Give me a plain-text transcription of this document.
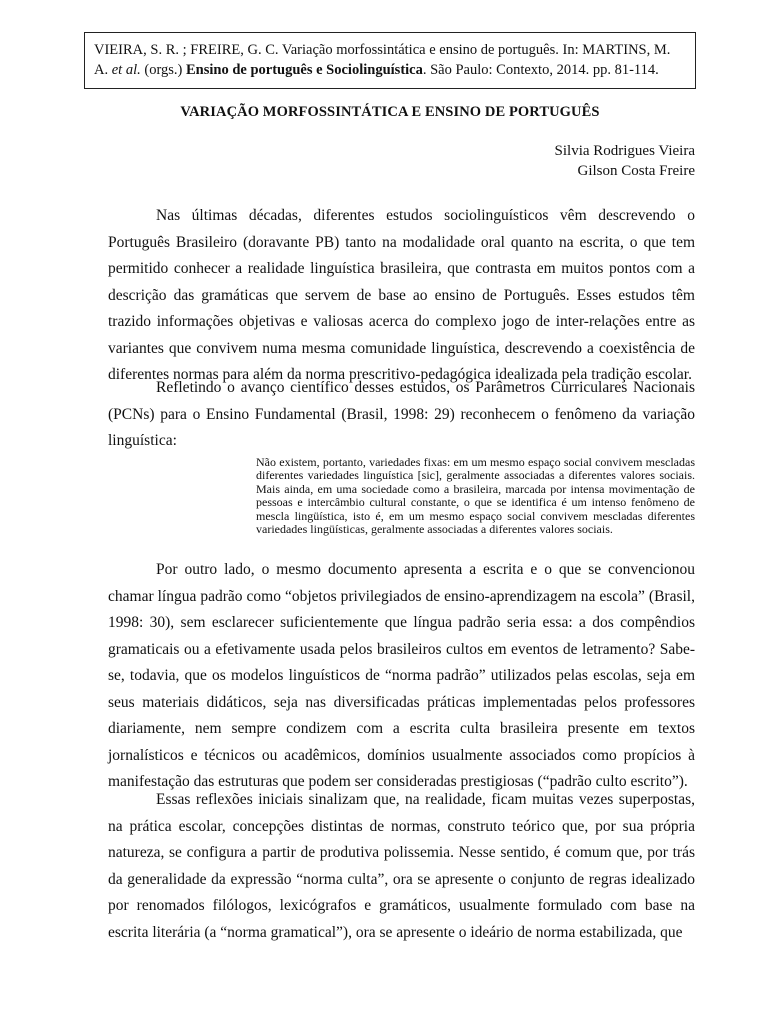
VIEIRA, S. R. ; FREIRE, G. C. Variação morfossintática e ensino de português. In: MARTINS, M. A. et al. (orgs.) Ensino de português e Sociolinguística. São Paulo: Contexto, 2014. pp. 81-114.
VARIAÇÃO MORFOSSINTÁTICA E ENSINO DE PORTUGUÊS
Silvia Rodrigues Vieira
Gilson Costa Freire

Nas últimas décadas, diferentes estudos sociolinguísticos vêm descrevendo o Português Brasileiro (doravante PB) tanto na modalidade oral quanto na escrita, o que tem permitido conhecer a realidade linguística brasileira, que contrasta em muitos pontos com a descrição das gramáticas que servem de base ao ensino de Português. Esses estudos têm trazido informações objetivas e valiosas acerca do complexo jogo de inter-relações entre as variantes que convivem numa mesma comunidade linguística, descrevendo a coexistência de diferentes normas para além da norma prescritivo-pedagógica idealizada pela tradição escolar.

Refletindo o avanço científico desses estudos, os Parâmetros Curriculares Nacionais (PCNs) para o Ensino Fundamental (Brasil, 1998: 29) reconhecem o fenômeno da variação linguística:

Não existem, portanto, variedades fixas: em um mesmo espaço social convivem mescladas diferentes variedades linguística [sic], geralmente associadas a diferentes valores sociais. Mais ainda, em uma sociedade como a brasileira, marcada por intensa movimentação de pessoas e intercâmbio cultural constante, o que se identifica é um intenso fenômeno de mescla lingüística, isto é, em um mesmo espaço social convivem mescladas diferentes variedades lingüísticas, geralmente associadas a diferentes valores sociais.

Por outro lado, o mesmo documento apresenta a escrita e o que se convencionou chamar língua padrão como “objetos privilegiados de ensino-aprendizagem na escola” (Brasil, 1998: 30), sem esclarecer suficientemente que língua padrão seria essa: a dos compêndios gramaticais ou a efetivamente usada pelos brasileiros cultos em eventos de letramento? Sabe-se, todavia, que os modelos linguísticos de “norma padrão” utilizados pelas escolas, seja em seus materiais didáticos, seja nas diversificadas práticas implementadas pelos professores diariamente, nem sempre condizem com a escrita culta brasileira presente em textos jornalísticos e técnicos ou acadêmicos, domínios usualmente associados como propícios à manifestação das estruturas que podem ser consideradas prestigiosas (“padrão culto escrito”).

Essas reflexões iniciais sinalizam que, na realidade, ficam muitas vezes superpostas, na prática escolar, concepções distintas de normas, construto teórico que, por sua própria natureza, se configura a partir de produtiva polissemia. Nesse sentido, é comum que, por trás da generalidade da expressão “norma culta”, ora se apresente o conjunto de regras idealizado por renomados filólogos, lexicógrafos e gramáticos, usualmente formulado com base na escrita literária (a “norma gramatical”), ora se apresente o ideário de norma estabilizada, que
